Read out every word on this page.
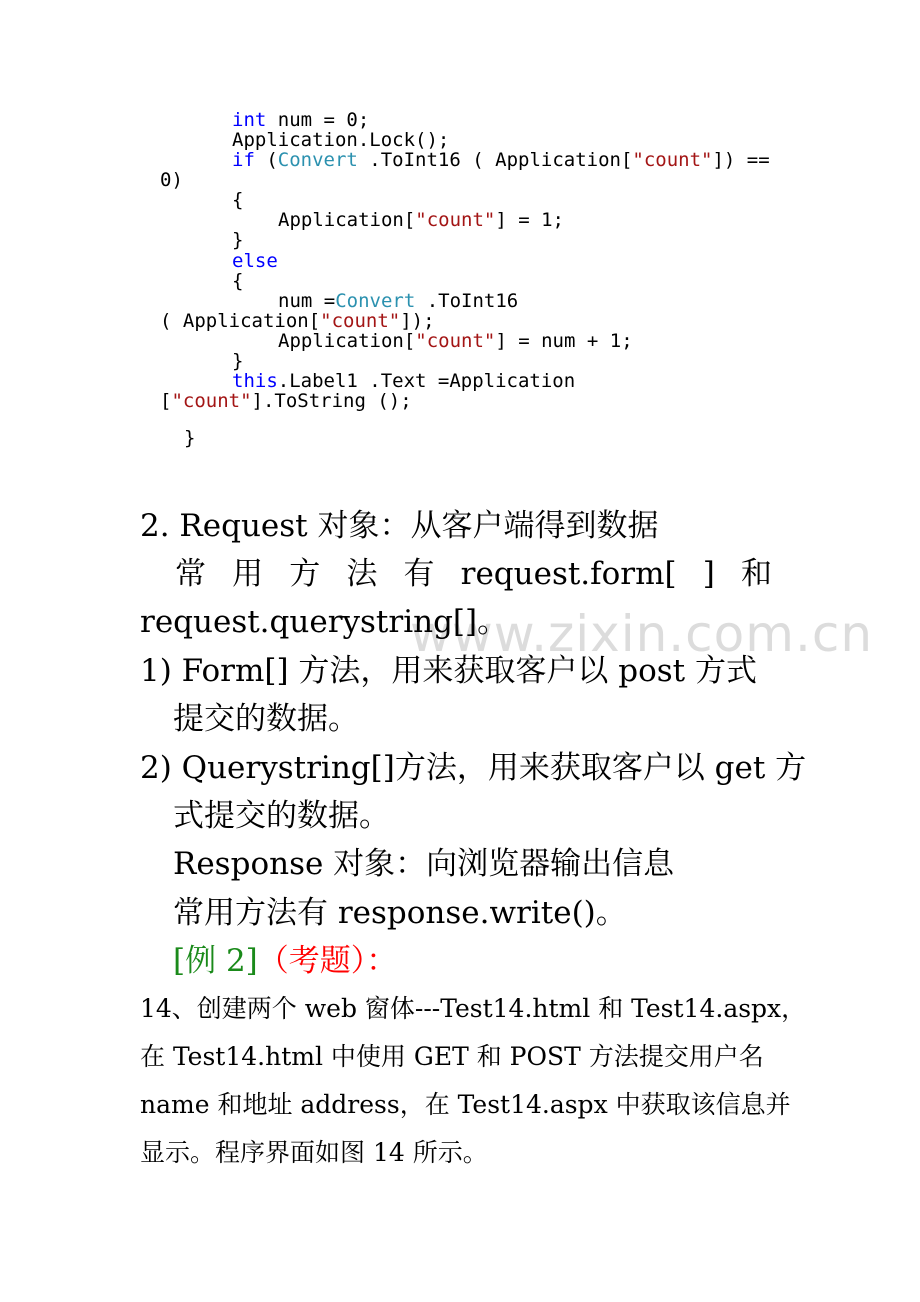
int num = 0;
Application.Lock();
if (Convert .ToInt16 ( Application["count"]) ==
0)
{
Application["count"] = 1;
}
else
{
num =Convert .ToInt16
( Application["count"]);
Application["count"] = num + 1;
}
this.Label1 .Text =Application
["count"].ToString ();
}
www.zixin.com.cn
2. Request 对象：从客户端得到数据
常 用 方 法 有 request.form[ ] 和
request.querystring[]。
1) Form[] 方法，用来获取客户以 post 方式
提交的数据。
2) Querystring[]方法，用来获取客户以 get 方
式提交的数据。
Response 对象：向浏览器输出信息
常用方法有 response.write()。
[例 2]（考题）：
14、创建两个 web 窗体---Test14.html 和 Test14.aspx，
在 Test14.html 中使用 GET 和 POST 方法提交用户名
name 和地址 address，在 Test14.aspx 中获取该信息并
显示。程序界面如图 14 所示。
